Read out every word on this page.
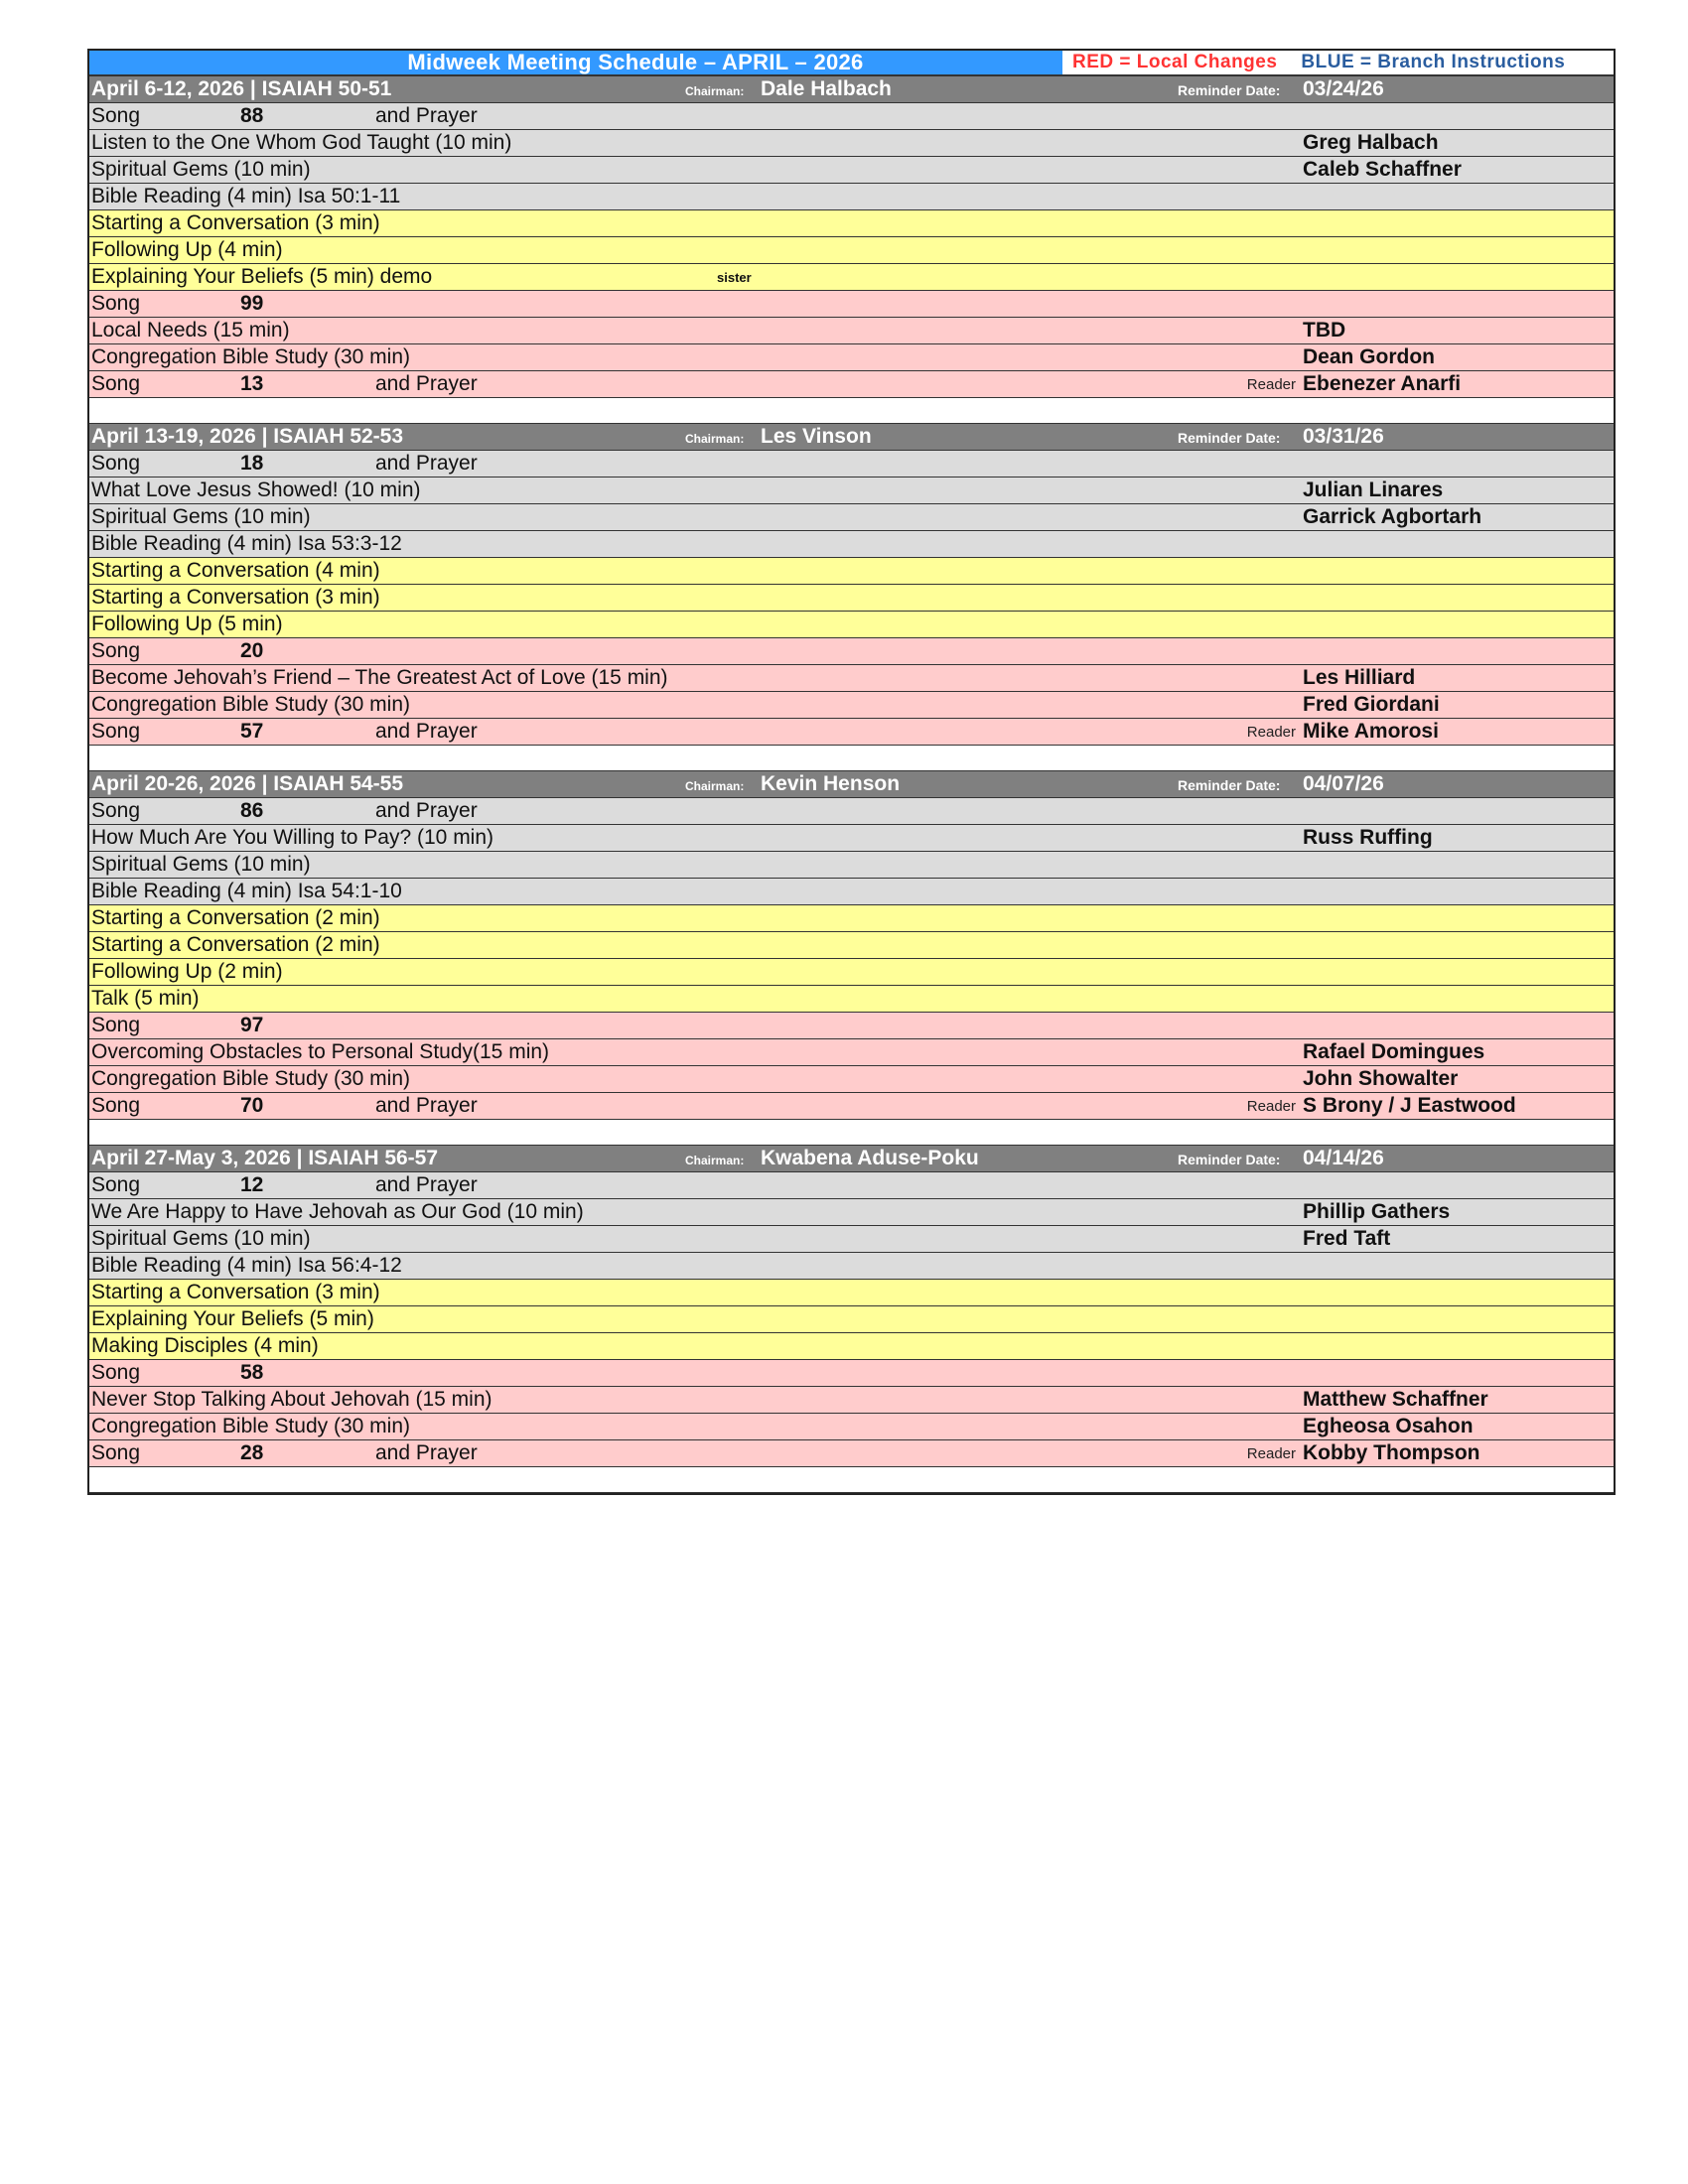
Midweek Meeting Schedule – APRIL – 2026	RED = Local Changes BLUE = Branch Instructions
April 6-12, 2026 | ISAIAH 50-51	Chairman: Dale Halbach	Reminder Date: 03/24/26
Song	88	and Prayer
Listen to the One Whom God Taught (10 min)	Greg Halbach
Spiritual Gems (10 min)	Caleb Schaffner
Bible Reading (4 min) Isa 50:1-11
Starting a Conversation (3 min)
Following Up (4 min)
Explaining Your Beliefs (5 min) demo	sister
Song	99
Local Needs (15 min)	TBD
Congregation Bible Study (30 min)	Dean Gordon
Song	13	and Prayer	Reader Ebenezer Anarfi
April 13-19, 2026 | ISAIAH 52-53	Chairman: Les Vinson	Reminder Date: 03/31/26
Song	18	and Prayer
What Love Jesus Showed! (10 min)	Julian Linares
Spiritual Gems (10 min)	Garrick Agbortarh
Bible Reading (4 min) Isa 53:3-12
Starting a Conversation (4 min)
Starting a Conversation (3 min)
Following Up (5 min)
Song	20
Become Jehovah’s Friend – The Greatest Act of Love (15 min)	Les Hilliard
Congregation Bible Study (30 min)	Fred Giordani
Song	57	and Prayer	Reader Mike Amorosi
April 20-26, 2026 | ISAIAH 54-55	Chairman: Kevin Henson	Reminder Date: 04/07/26
Song	86	and Prayer
How Much Are You Willing to Pay? (10 min)	Russ Ruffing
Spiritual Gems (10 min)
Bible Reading (4 min) Isa 54:1-10
Starting a Conversation (2 min)
Starting a Conversation (2 min)
Following Up (2 min)
Talk (5 min)
Song	97
Overcoming Obstacles to Personal Study(15 min)	Rafael Domingues
Congregation Bible Study (30 min)	John Showalter
Song	70	and Prayer	Reader S Brony / J Eastwood
April 27-May 3, 2026 | ISAIAH 56-57	Chairman: Kwabena Aduse-Poku	Reminder Date: 04/14/26
Song	12	and Prayer
We Are Happy to Have Jehovah as Our God (10 min)	Phillip Gathers
Spiritual Gems (10 min)	Fred Taft
Bible Reading (4 min) Isa 56:4-12
Starting a Conversation (3 min)
Explaining Your Beliefs (5 min)
Making Disciples (4 min)
Song	58
Never Stop Talking About Jehovah (15 min)	Matthew Schaffner
Congregation Bible Study (30 min)	Egheosa Osahon
Song	28	and Prayer	Reader Kobby Thompson
